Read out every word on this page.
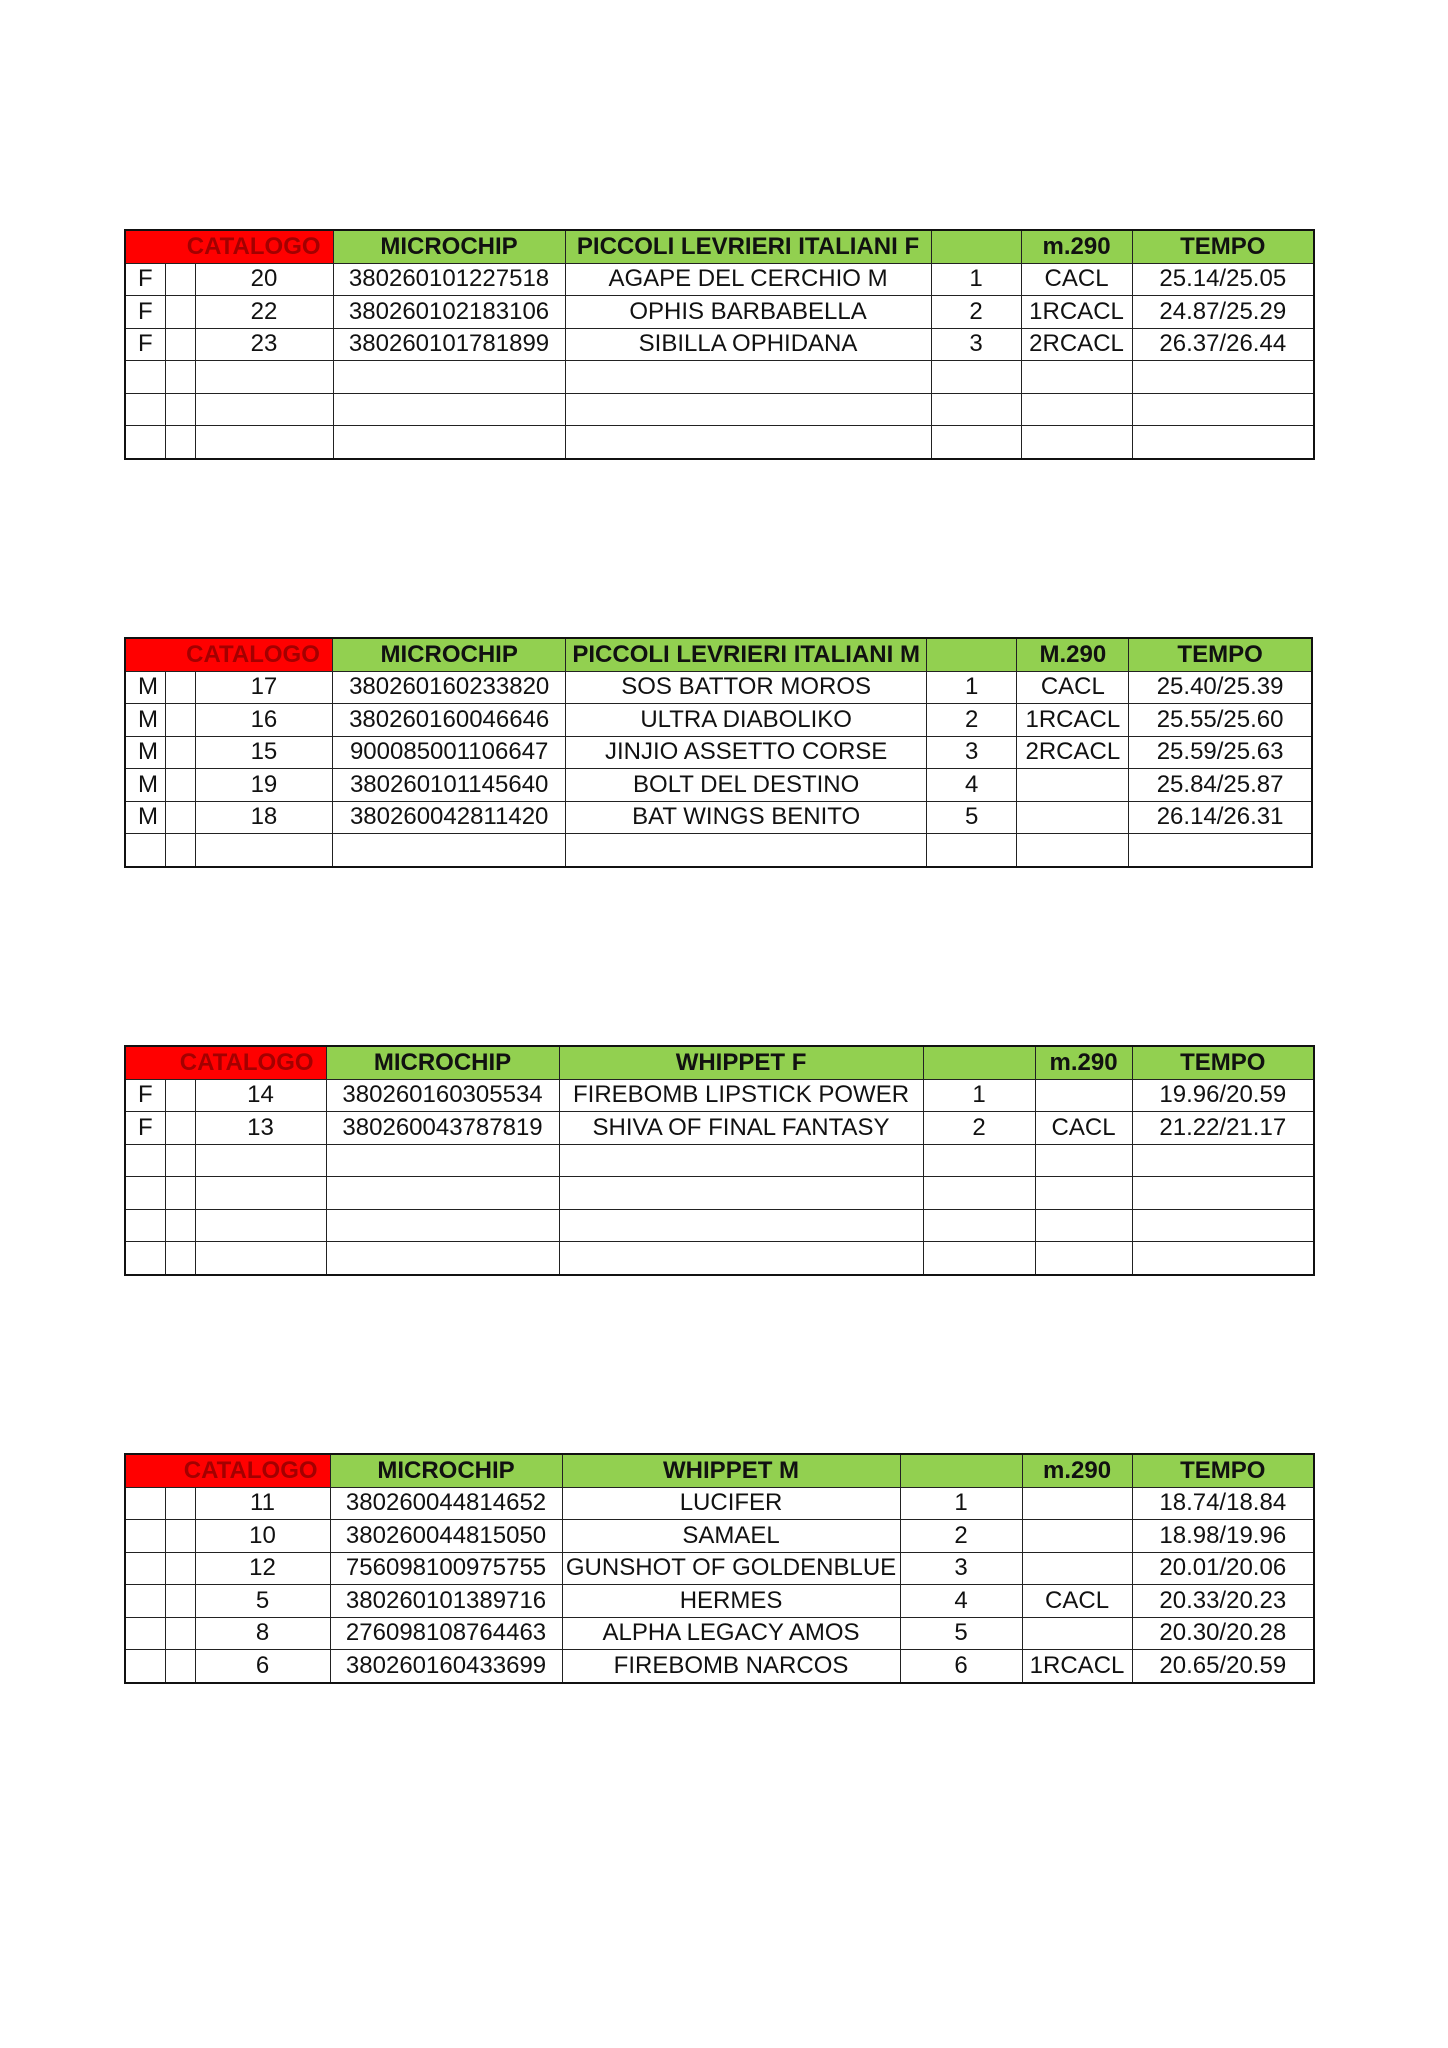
CATALOGO			MICROCHIP	PICCOLI LEVRIERI ITALIANI F		m.290	TEMPO
F		20	380260101227518	AGAPE DEL CERCHIO M	1	CACL	25.14/25.05
F		22	380260102183106	OPHIS BARBABELLA	2	1RCACL	24.87/25.29
F		23	380260101781899	SIBILLA OPHIDANA	3	2RCACL	26.37/26.44

CATALOGO			MICROCHIP	PICCOLI LEVRIERI ITALIANI M		M.290	TEMPO
M		17	380260160233820	SOS BATTOR MOROS	1	CACL	25.40/25.39
M		16	380260160046646	ULTRA DIABOLIKO	2	1RCACL	25.55/25.60
M		15	900085001106647	JINJIO ASSETTO CORSE	3	2RCACL	25.59/25.63
M		19	380260101145640	BOLT DEL DESTINO	4		25.84/25.87
M		18	380260042811420	BAT WINGS BENITO	5		26.14/26.31

CATALOGO			MICROCHIP	WHIPPET F		m.290	TEMPO
F		14	380260160305534	FIREBOMB LIPSTICK POWER	1		19.96/20.59
F		13	380260043787819	SHIVA OF FINAL FANTASY	2	CACL	21.22/21.17

CATALOGO			MICROCHIP	WHIPPET M		m.290	TEMPO
		11	380260044814652	LUCIFER	1		18.74/18.84
		10	380260044815050	SAMAEL	2		18.98/19.96
		12	756098100975755	GUNSHOT OF GOLDENBLUE	3		20.01/20.06
		5	380260101389716	HERMES	4	CACL	20.33/20.23
		8	276098108764463	ALPHA LEGACY AMOS	5		20.30/20.28
		6	380260160433699	FIREBOMB NARCOS	6	1RCACL	20.65/20.59
